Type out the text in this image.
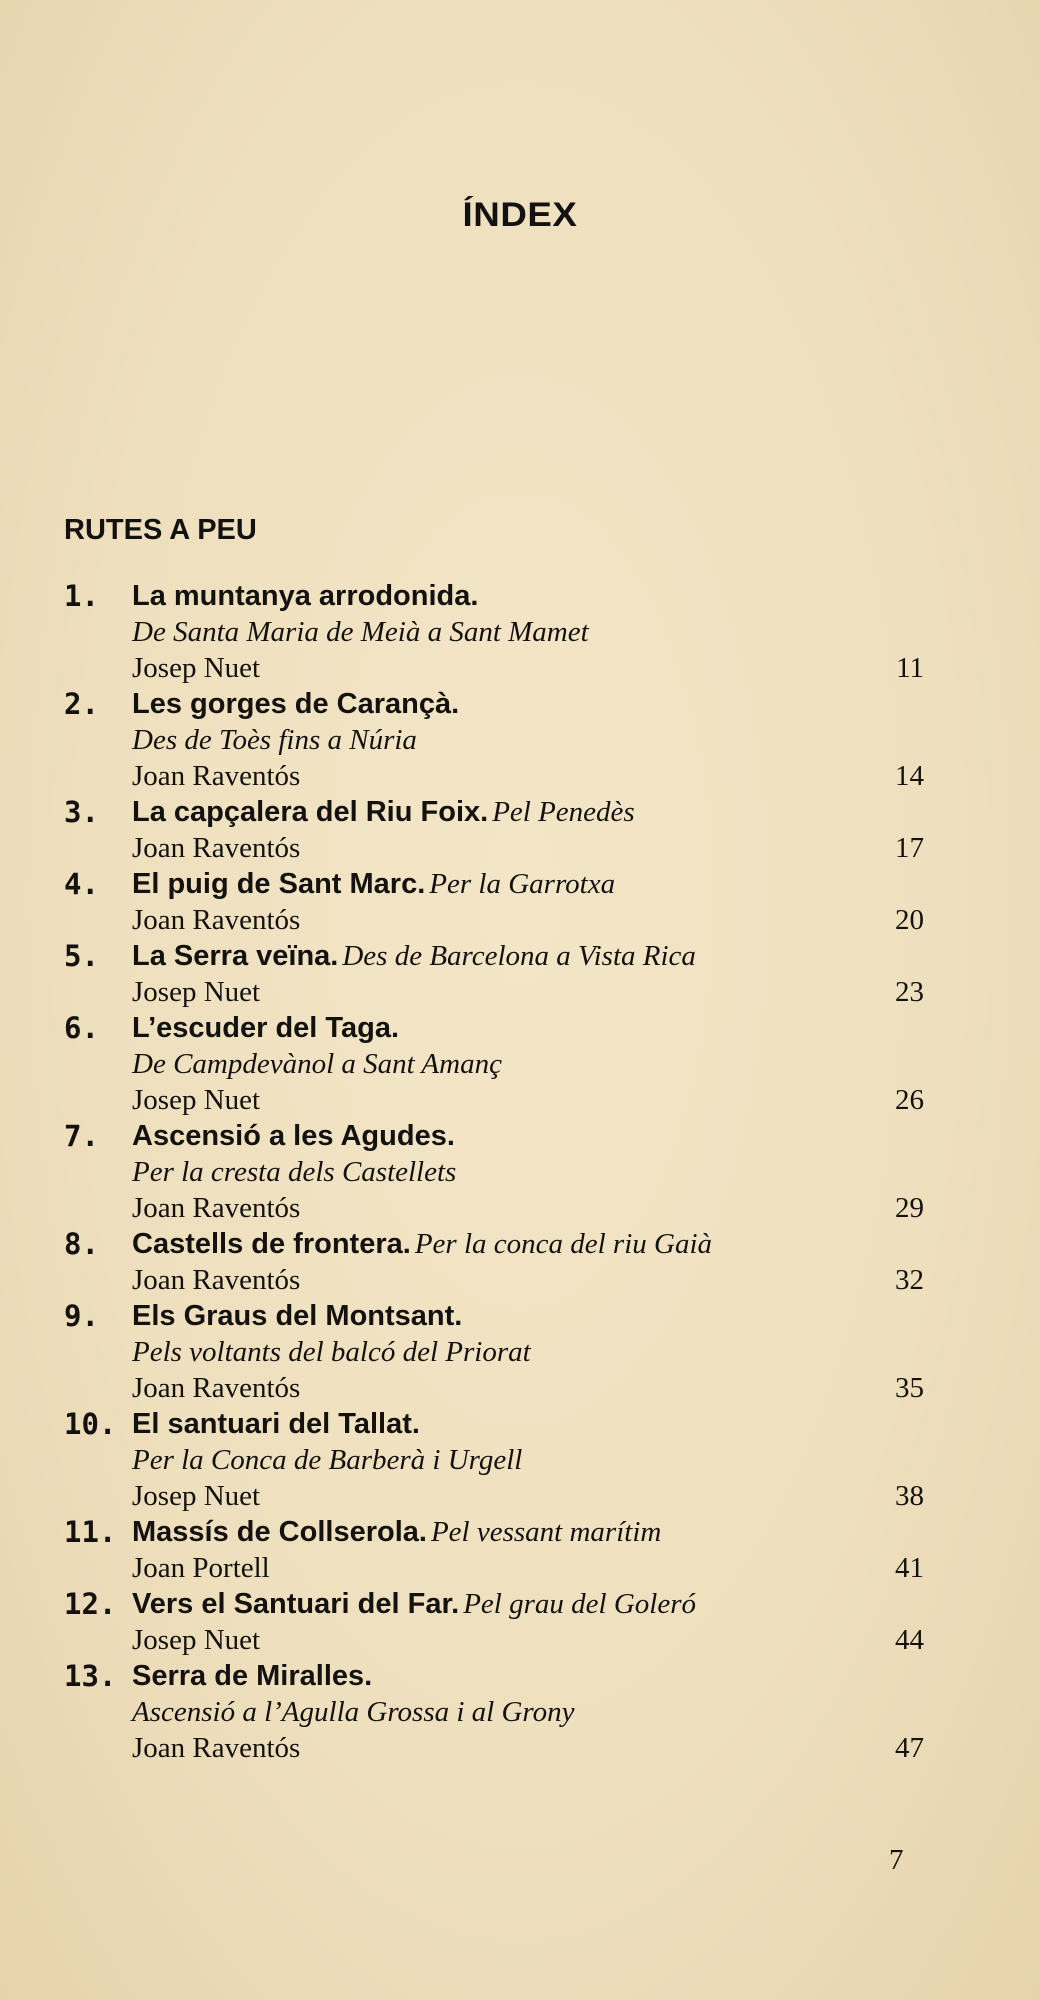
ÍNDEX
RUTES A PEU
1. La muntanya arrodonida.
De Santa Maria de Meià a Sant Mamet
Josep Nuet	11
2. Les gorges de Carançà.
Des de Toès fins a Núria
Joan Raventós	14
3. La capçalera del Riu Foix. Pel Penedès
Joan Raventós	17
4. El puig de Sant Marc. Per la Garrotxa
Joan Raventós	20
5. La Serra veïna. Des de Barcelona a Vista Rica
Josep Nuet	23
6. L’escuder del Taga.
De Campdevànol a Sant Amanç
Josep Nuet	26
7. Ascensió a les Agudes.
Per la cresta dels Castellets
Joan Raventós	29
8. Castells de frontera. Per la conca del riu Gaià
Joan Raventós	32
9. Els Graus del Montsant.
Pels voltants del balcó del Priorat
Joan Raventós	35
10. El santuari del Tallat.
Per la Conca de Barberà i Urgell
Josep Nuet	38
11. Massís de Collserola. Pel vessant marítim
Joan Portell	41
12. Vers el Santuari del Far. Pel grau del Goleró
Josep Nuet	44
13. Serra de Miralles.
Ascensió a l’Agulla Grossa i al Grony
Joan Raventós	47
7
